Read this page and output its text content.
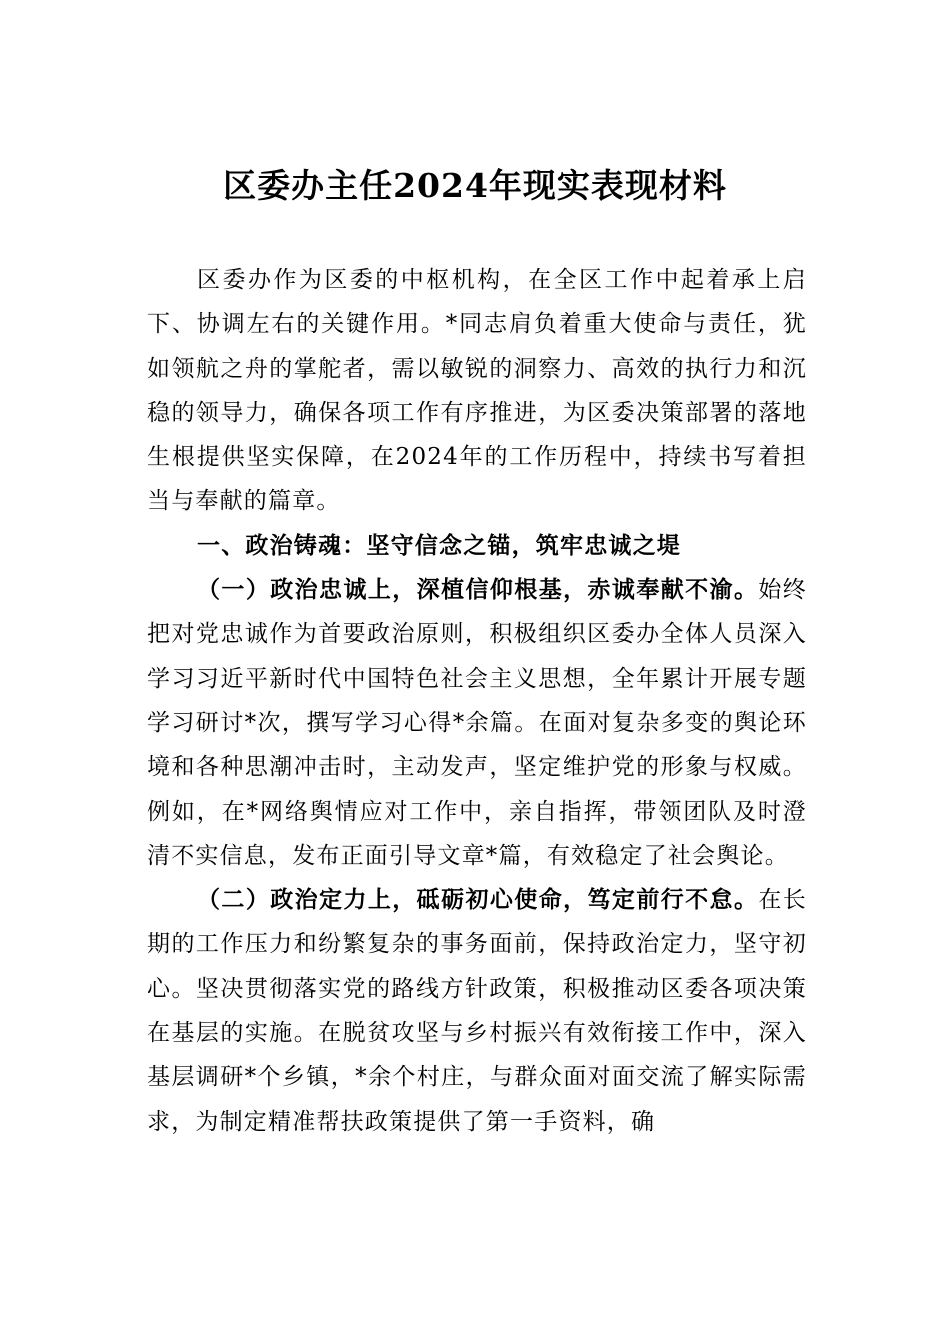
区委办主任2024年现实表现材料

区委办作为区委的中枢机构，在全区工作中起着承上启下、协调左右的关键作用。*同志肩负着重大使命与责任，犹如领航之舟的掌舵者，需以敏锐的洞察力、高效的执行力和沉稳的领导力，确保各项工作有序推进，为区委决策部署的落地生根提供坚实保障，在2024年的工作历程中，持续书写着担当与奉献的篇章。

一、政治铸魂：坚守信念之锚，筑牢忠诚之堤

（一）政治忠诚上，深植信仰根基，赤诚奉献不渝。始终把对党忠诚作为首要政治原则，积极组织区委办全体人员深入学习习近平新时代中国特色社会主义思想，全年累计开展专题学习研讨*次，撰写学习心得*余篇。在面对复杂多变的舆论环境和各种思潮冲击时，主动发声，坚定维护党的形象与权威。例如，在*网络舆情应对工作中，亲自指挥，带领团队及时澄清不实信息，发布正面引导文章*篇，有效稳定了社会舆论。

（二）政治定力上，砥砺初心使命，笃定前行不怠。在长期的工作压力和纷繁复杂的事务面前，保持政治定力，坚守初心。坚决贯彻落实党的路线方针政策，积极推动区委各项决策在基层的实施。在脱贫攻坚与乡村振兴有效衔接工作中，深入基层调研*个乡镇，*余个村庄，与群众面对面交流了解实际需求，为制定精准帮扶政策提供了第一手资料，确
